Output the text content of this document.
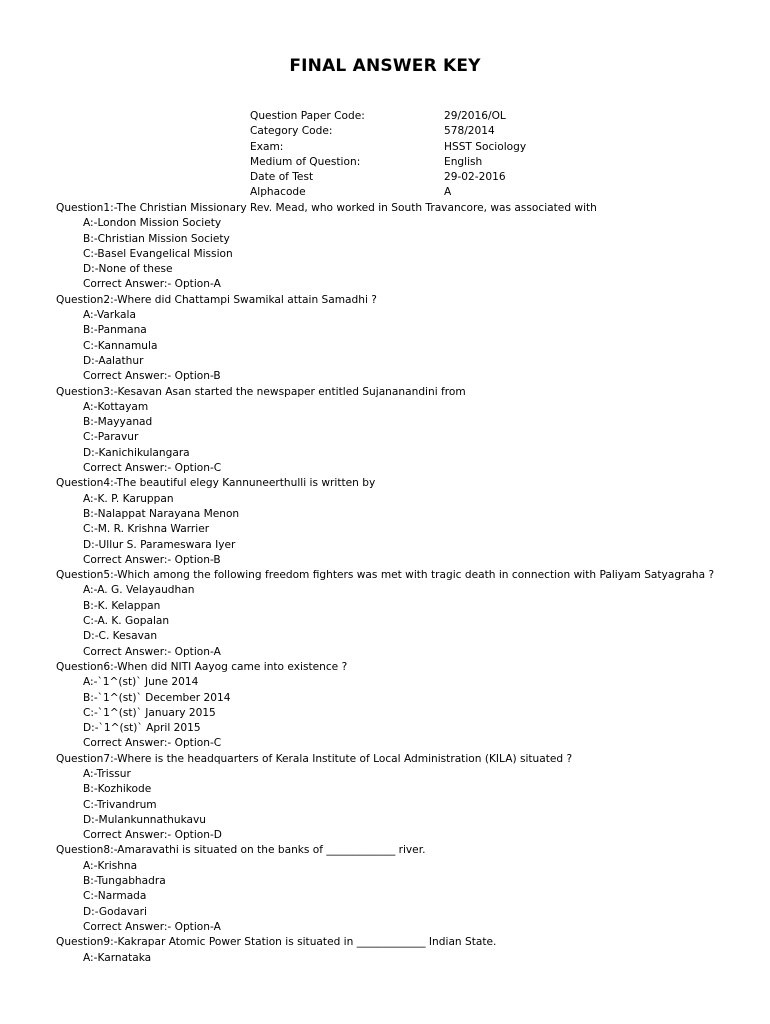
FINAL ANSWER KEY
Question Paper Code:	29/2016/OL
Category Code:	578/2014
Exam:	HSST Sociology
Medium of Question:	English
Date of Test	29-02-2016
Alphacode	A
Question1:-The Christian Missionary Rev. Mead, who worked in South Travancore, was associated with
A:-London Mission Society
B:-Christian Mission Society
C:-Basel Evangelical Mission
D:-None of these
Correct Answer:- Option-A
Question2:-Where did Chattampi Swamikal attain Samadhi ?
A:-Varkala
B:-Panmana
C:-Kannamula
D:-Aalathur
Correct Answer:- Option-B
Question3:-Kesavan Asan started the newspaper entitled Sujananandini from
A:-Kottayam
B:-Mayyanad
C:-Paravur
D:-Kanichikulangara
Correct Answer:- Option-C
Question4:-The beautiful elegy Kannuneerthulli is written by
A:-K. P. Karuppan
B:-Nalappat Narayana Menon
C:-M. R. Krishna Warrier
D:-Ullur S. Parameswara Iyer
Correct Answer:- Option-B
Question5:-Which among the following freedom fighters was met with tragic death in connection with Paliyam Satyagraha ?
A:-A. G. Velayaudhan
B:-K. Kelappan
C:-A. K. Gopalan
D:-C. Kesavan
Correct Answer:- Option-A
Question6:-When did NITI Aayog came into existence ?
A:-`1^(st)` June 2014
B:-`1^(st)` December 2014
C:-`1^(st)` January 2015
D:-`1^(st)` April 2015
Correct Answer:- Option-C
Question7:-Where is the headquarters of Kerala Institute of Local Administration (KILA) situated ?
A:-Trissur
B:-Kozhikode
C:-Trivandrum
D:-Mulankunnathukavu
Correct Answer:- Option-D
Question8:-Amaravathi is situated on the banks of _____________ river.
A:-Krishna
B:-Tungabhadra
C:-Narmada
D:-Godavari
Correct Answer:- Option-A
Question9:-Kakrapar Atomic Power Station is situated in _____________ Indian State.
A:-Karnataka
